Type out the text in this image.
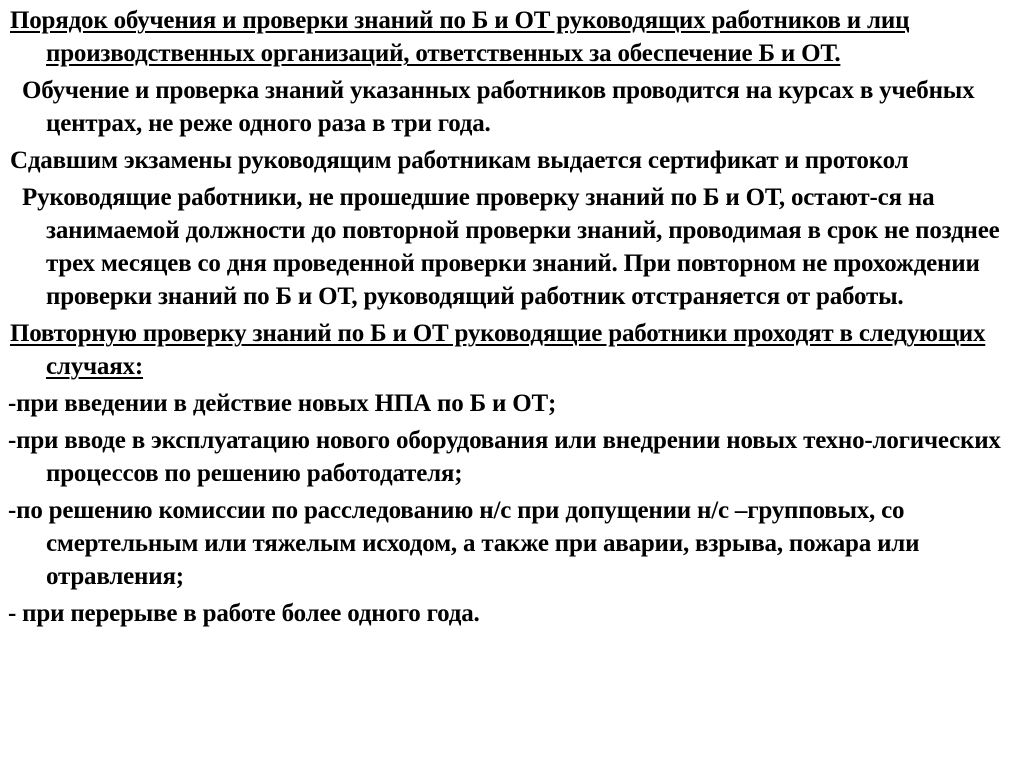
Порядок обучения и проверки знаний по Б и ОТ руководящих работников и лиц производственных организаций, ответственных за обеспечение Б и ОТ.

Обучение и проверка знаний указанных работников проводится на курсах в учебных центрах, не реже одного раза в три года.

Сдавшим экзамены руководящим работникам выдается сертификат и протокол

Руководящие работники, не прошедшие проверку знаний по Б и ОТ, остают-ся на занимаемой должности до повторной проверки знаний, проводимая в срок не позднее трех месяцев со дня проведенной проверки знаний. При повторном не прохождении проверки знаний по Б и ОТ, руководящий работник отстраняется от работы.

Повторную проверку знаний по Б и ОТ руководящие работники проходят в следующих случаях:

-при введении в действие новых НПА по Б и ОТ;

-при вводе в эксплуатацию нового оборудования или внедрении новых техно-логических процессов по решению работодателя;

-по решению комиссии по расследованию н/с при допущении н/с –групповых, со смертельным или тяжелым исходом, а также при аварии, взрыва, пожара или отравления;

- при перерыве в работе более одного года.
